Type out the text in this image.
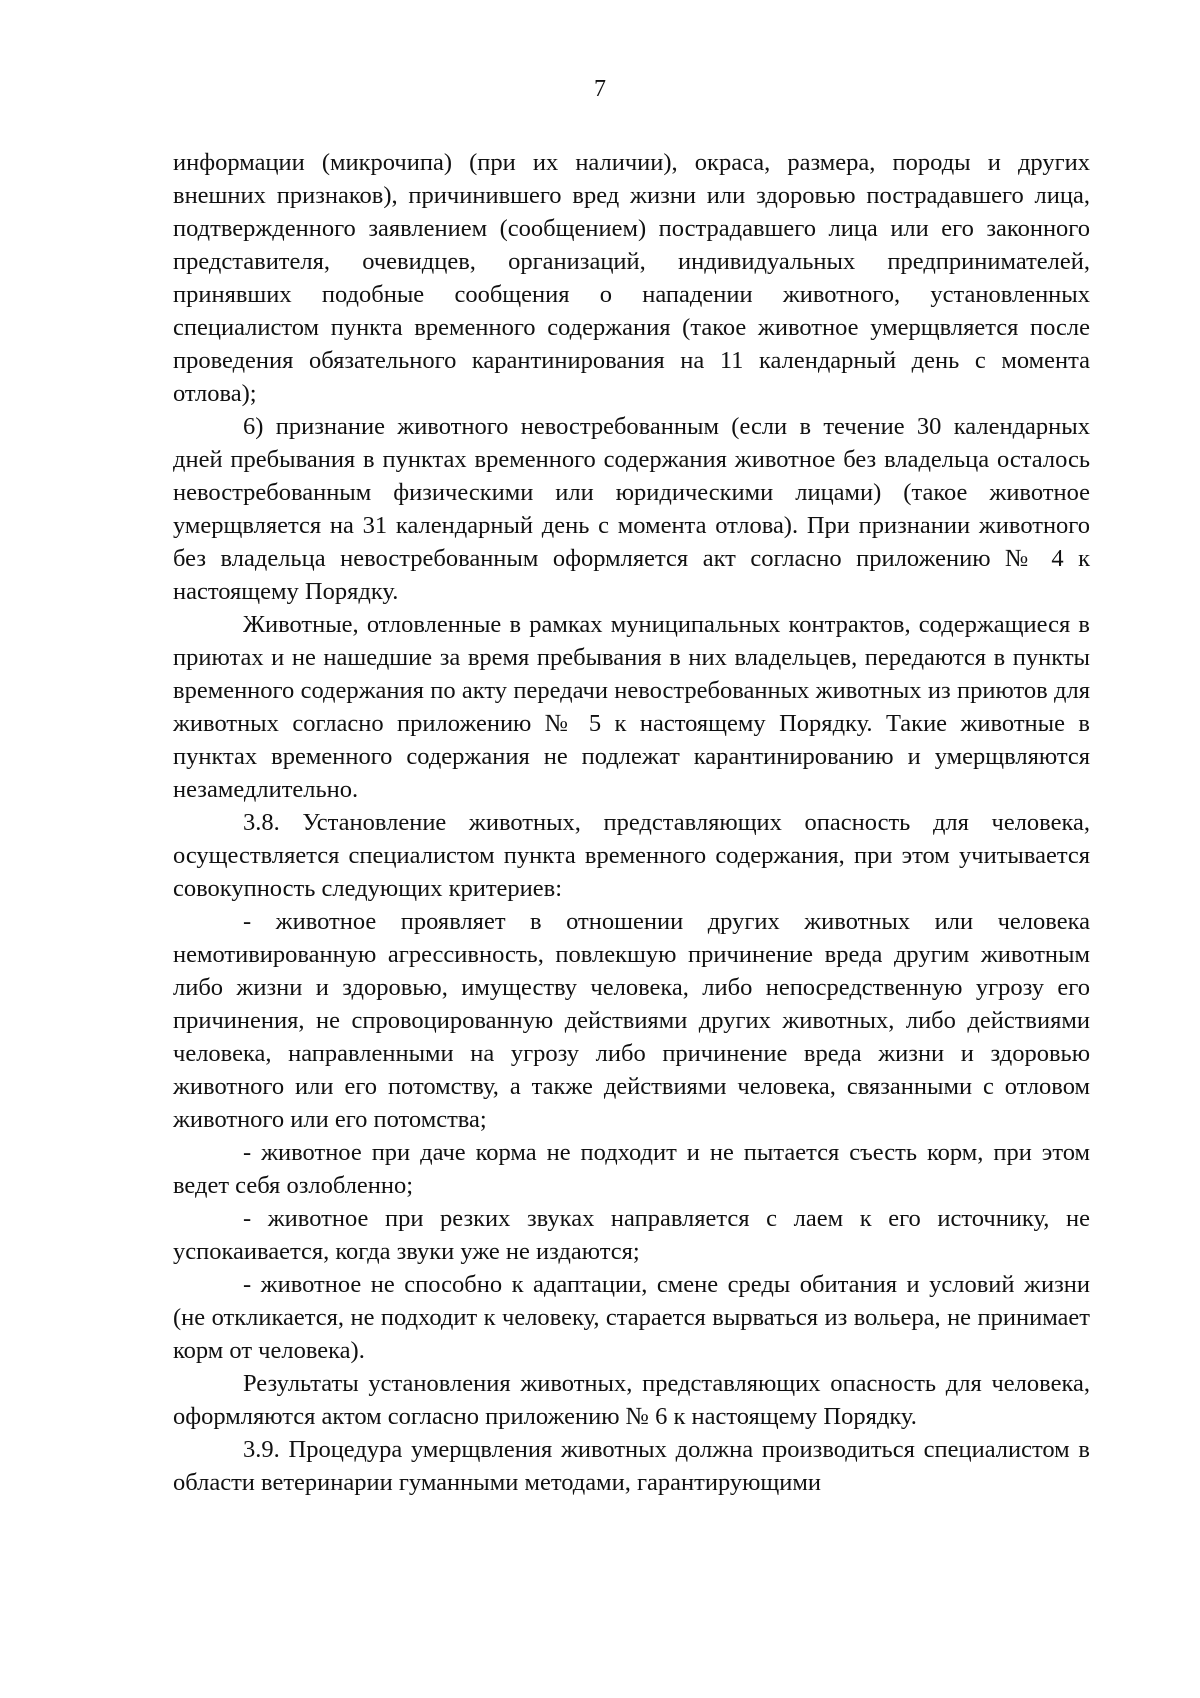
7

информации (микрочипа) (при их наличии), окраса, размера, породы и других внешних признаков), причинившего вред жизни или здоровью пострадавшего лица, подтвержденного заявлением (сообщением) пострадавшего лица или его законного представителя, очевидцев, организаций, индивидуальных предпринимателей, принявших подобные сообщения о нападении животного, установленных специалистом пункта временного содержания (такое животное умерщвляется после проведения обязательного карантинирования на 11 календарный день с момента отлова);

6) признание животного невостребованным (если в течение 30 календарных дней пребывания в пунктах временного содержания животное без владельца осталось невостребованным физическими или юридическими лицами) (такое животное умерщвляется на 31 календарный день с момента отлова). При признании животного без владельца невостребованным оформляется акт согласно приложению № 4 к настоящему Порядку.

Животные, отловленные в рамках муниципальных контрактов, содержащиеся в приютах и не нашедшие за время пребывания в них владельцев, передаются в пункты временного содержания по акту передачи невостребованных животных из приютов для животных согласно приложению № 5 к настоящему Порядку. Такие животные в пунктах временного содержания не подлежат карантинированию и умерщвляются незамедлительно.

3.8. Установление животных, представляющих опасность для человека, осуществляется специалистом пункта временного содержания, при этом учитывается совокупность следующих критериев:

- животное проявляет в отношении других животных или человека немотивированную агрессивность, повлекшую причинение вреда другим животным либо жизни и здоровью, имуществу человека, либо непосредственную угрозу его причинения, не спровоцированную действиями других животных, либо действиями человека, направленными на угрозу либо причинение вреда жизни и здоровью животного или его потомству, а также действиями человека, связанными с отловом животного или его потомства;

- животное при даче корма не подходит и не пытается съесть корм, при этом ведет себя озлобленно;

- животное при резких звуках направляется с лаем к его источнику, не успокаивается, когда звуки уже не издаются;

- животное не способно к адаптации, смене среды обитания и условий жизни (не откликается, не подходит к человеку, старается вырваться из вольера, не принимает корм от человека).

Результаты установления животных, представляющих опасность для человека, оформляются актом согласно приложению № 6 к настоящему Порядку.

3.9. Процедура умерщвления животных должна производиться специалистом в области ветеринарии гуманными методами, гарантирующими
